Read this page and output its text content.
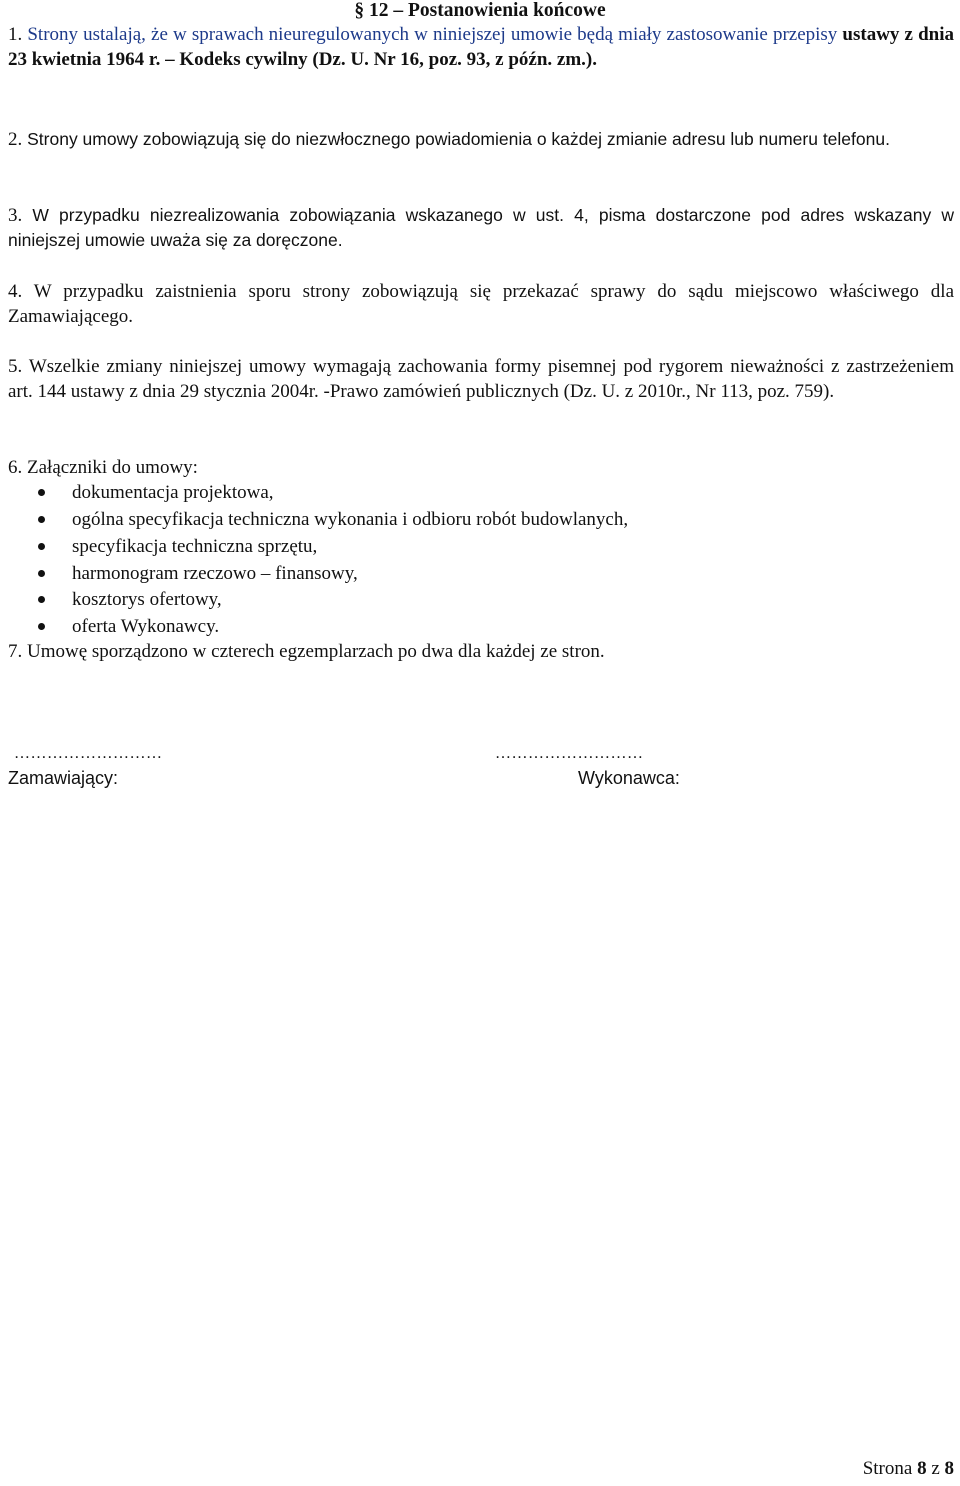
§ 12 – Postanowienia końcowe
1. Strony ustalają, że w sprawach nieuregulowanych w niniejszej umowie będą miały zastosowanie przepisy ustawy z dnia 23 kwietnia 1964 r. – Kodeks cywilny (Dz. U. Nr 16, poz. 93, z późn. zm.).
2. Strony umowy zobowiązują się do niezwłocznego powiadomienia o każdej zmianie adresu lub numeru telefonu.
3. W przypadku niezrealizowania zobowiązania wskazanego w ust. 4, pisma dostarczone pod adres wskazany w niniejszej umowie uważa się za doręczone.
4. W przypadku zaistnienia sporu strony zobowiązują się przekazać sprawy do sądu miejscowo właściwego dla Zamawiającego.
5. Wszelkie zmiany niniejszej umowy wymagają zachowania formy pisemnej pod rygorem nieważności z zastrzeżeniem art. 144 ustawy z dnia 29 stycznia 2004r. -Prawo zamówień publicznych (Dz. U. z 2010r., Nr 113, poz. 759).
6. Załączniki do umowy:
dokumentacja projektowa,
ogólna specyfikacja techniczna wykonania i odbioru robót budowlanych,
specyfikacja techniczna sprzętu,
harmonogram rzeczowo – finansowy,
kosztorys ofertowy,
oferta Wykonawcy.
7. Umowę sporządzono w czterech egzemplarzach po dwa dla każdej ze stron.
………………………
Zamawiający:
………………………
Wykonawca:
Strona 8 z 8
